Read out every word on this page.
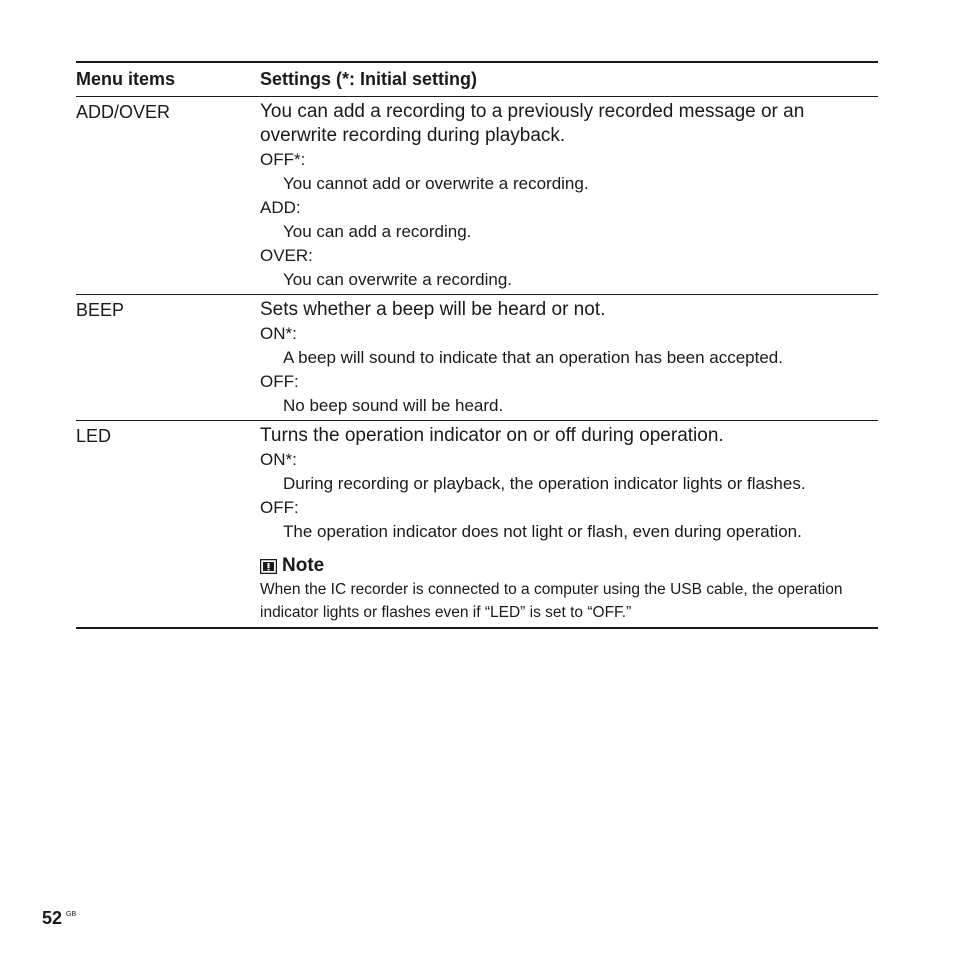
Menu items	Settings (*: Initial setting)
ADD/OVER	You can add a recording to a previously recorded message or an overwrite recording during playback.
OFF*:
You cannot add or overwrite a recording.
ADD:
You can add a recording.
OVER:
You can overwrite a recording.
BEEP	Sets whether a beep will be heard or not.
ON*:
A beep will sound to indicate that an operation has been accepted.
OFF:
No beep sound will be heard.
LED	Turns the operation indicator on or off during operation.
ON*:
During recording or playback, the operation indicator lights or flashes.
OFF:
The operation indicator does not light or flash, even during operation.
Note
When the IC recorder is connected to a computer using the USB cable, the operation indicator lights or flashes even if “LED” is set to “OFF.”
52 GB
